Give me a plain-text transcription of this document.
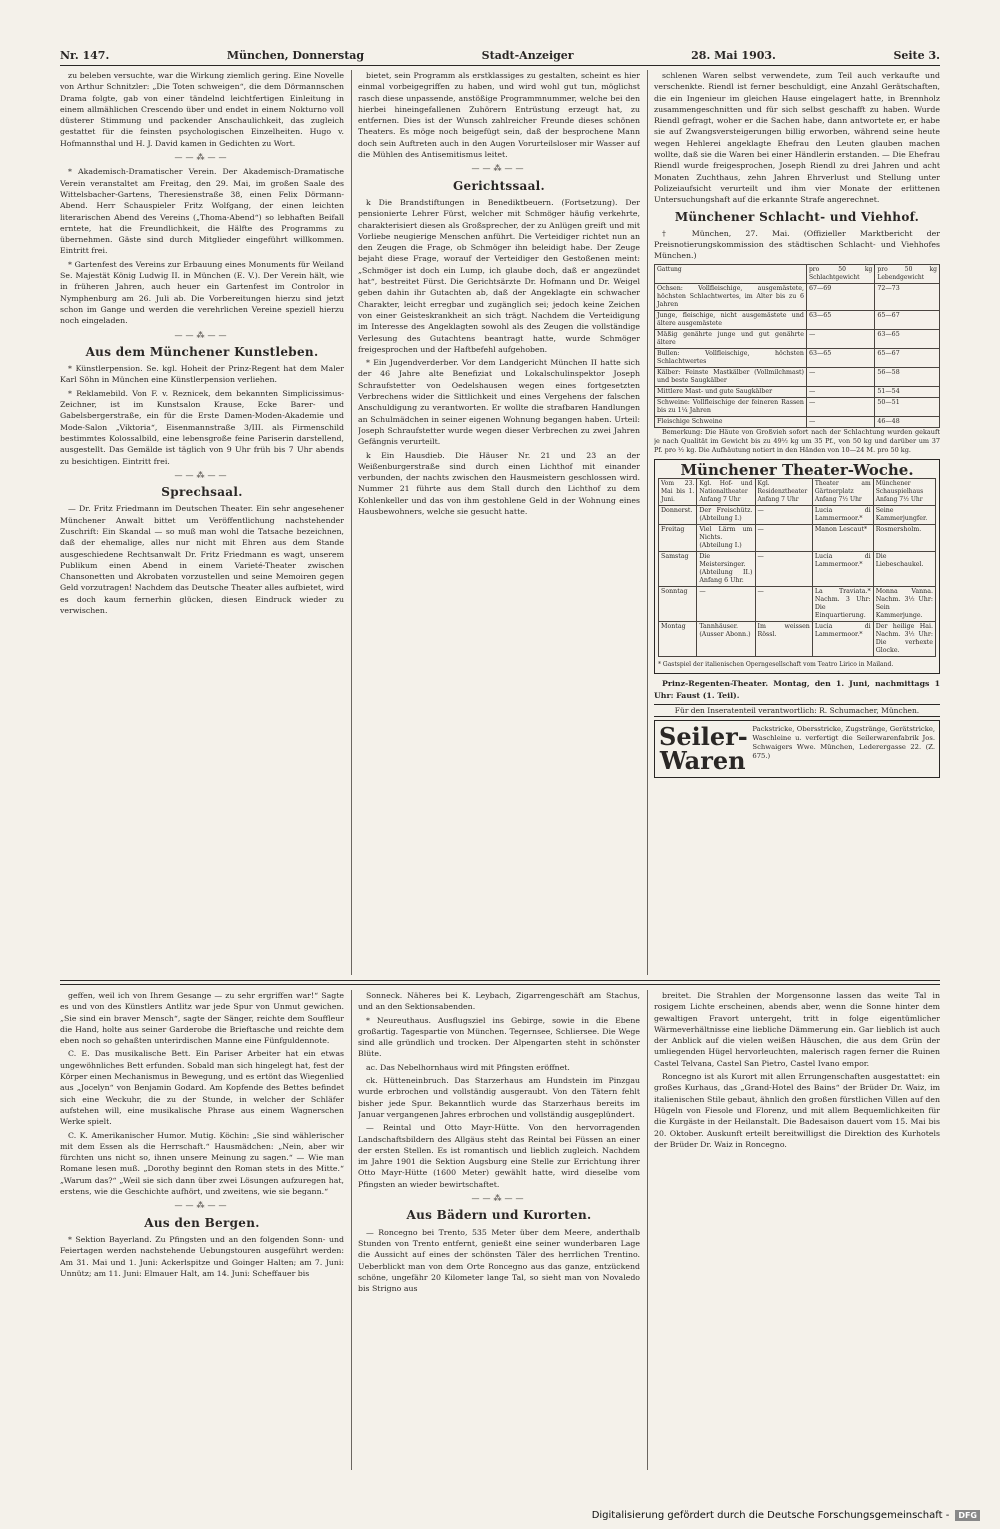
Nr. 147.	München, Donnerstag	Stadt-Anzeiger	28. Mai 1903.	Seite 3.

zu beleben versuchte, war die Wirkung ziemlich gering. Eine Novelle von Arthur Schnitzler: „Die Toten schweigen“, die dem Dörmannschen Drama folgte, gab von einer tändelnd leichtfertigen Einleitung in einem allmählichen Crescendo über und endet in einem Nokturno voll düsterer Stimmung und packender Anschaulichkeit, das zugleich gestattet für die feinsten psychologischen Einzelheiten. Hugo v. Hofmannsthal und H. J. David kamen in Gedichten zu Wort.

——⁂——

* Akademisch-Dramatischer Verein. Der Akademisch-Dramatische Verein veranstaltet am Freitag, den 29. Mai, im großen Saale des Wittelsbacher-Gartens, Theresienstraße 38, einen Felix Dörmann-Abend. Herr Schauspieler Fritz Wolfgang, der einen leichten literarischen Abend des Vereins („Thoma-Abend“) so lebhaften Beifall erntete, hat die Freundlichkeit, die Hälfte des Programms zu übernehmen. Gäste sind durch Mitglieder eingeführt willkommen. Eintritt frei.

* Gartenfest des Vereins zur Erbauung eines Monuments für Weiland Se. Majestät König Ludwig II. in München (E. V.). Der Verein hält, wie in früheren Jahren, auch heuer ein Gartenfest im Controlor in Nymphenburg am 26. Juli ab. Die Vorbereitungen hierzu sind jetzt schon im Gange und werden die verehrlichen Vereine speziell hierzu noch eingeladen.

——⁂——
Aus dem Münchener Kunstleben.

* Künstlerpension. Se. kgl. Hoheit der Prinz-Regent hat dem Maler Karl Söhn in München eine Künstlerpension verliehen.

* Reklamebild. Von F. v. Reznicek, dem bekannten Simplicissimus-Zeichner, ist im Kunstsalon Krause, Ecke Barer- und Gabelsbergerstraße, ein für die Erste Damen-Moden-Akademie und Mode-Salon „Viktoria“, Eisenmannstraße 3/III. als Firmenschild bestimmtes Kolossalbild, eine lebensgroße feine Pariserin darstellend, ausgestellt. Das Gemälde ist täglich von 9 Uhr früh bis 7 Uhr abends zu besichtigen. Eintritt frei.

——⁂——
Sprechsaal.

— Dr. Fritz Friedmann im Deutschen Theater. Ein sehr angesehener Münchener Anwalt bittet um Veröffentlichung nachstehender Zuschrift: Ein Skandal — so muß man wohl die Tatsache bezeichnen, daß der ehemalige, alles nur nicht mit Ehren aus dem Stande ausgeschiedene Rechtsanwalt Dr. Fritz Friedmann es wagt, unserem Publikum einen Abend in einem Varieté-Theater zwischen Chansonetten und Akrobaten vorzustellen und seine Memoiren gegen Geld vorzutragen! Nachdem das Deutsche Theater alles aufbietet, wird es doch kaum fernerhin glücken, diesen Eindruck wieder zu verwischen.

bietet, sein Programm als erstklassiges zu gestalten, scheint es hier einmal vorbeigegriffen zu haben, und wird wohl gut tun, möglichst rasch diese unpassende, anstößige Programmnummer, welche bei den hierbei hineingefallenen Zuhörern Entrüstung erzeugt hat, zu entfernen. Dies ist der Wunsch zahlreicher Freunde dieses schönen Theaters. Es möge noch beigefügt sein, daß der besprochene Mann doch sein Auftreten auch in den Augen Vorurteilsloser mir Wasser auf die Mühlen des Antisemitismus leitet.

——⁂——
Gerichtssaal.

k Die Brandstiftungen in Benediktbeuern. (Fortsetzung). Der pensionierte Lehrer Fürst, welcher mit Schmöger häufig verkehrte, charakterisiert diesen als Großsprecher, der zu Anlügen greift und mit Vorliebe neugierige Menschen anführt. Die Verteidiger richtet nun an den Zeugen die Frage, ob Schmöger ihn beleidigt habe. Der Zeuge bejaht diese Frage, worauf der Verteidiger den Gestoßenen meint: „Schmöger ist doch ein Lump, ich glaube doch, daß er angezündet hat“, bestreitet Fürst. Die Gerichtsärzte Dr. Hofmann und Dr. Weigel geben dahin ihr Gutachten ab, daß der Angeklagte ein schwacher Charakter, leicht erregbar und zugänglich sei; jedoch keine Zeichen von einer Geisteskrankheit an sich trägt. Nachdem die Verteidigung im Interesse des Angeklagten sowohl als des Zeugen die vollständige Verlesung des Gutachtens beantragt hatte, wurde Schmöger freigesprochen und der Haftbefehl aufgehoben.

* Ein Jugendverderber. Vor dem Landgericht München II hatte sich der 46 Jahre alte Benefiziat und Lokalschulinspektor Joseph Schraufstetter von Oedelshausen wegen eines fortgesetzten Verbrechens wider die Sittlichkeit und eines Vergehens der falschen Anschuldigung zu verantworten. Er wollte die strafbaren Handlungen an Schulmädchen in seiner eigenen Wohnung begangen haben. Urteil: Joseph Schraufstetter wurde wegen dieser Verbrechen zu zwei Jahren Gefängnis verurteilt.

k Ein Hausdieb. Die Häuser Nr. 21 und 23 an der Weißenburgerstraße sind durch einen Lichthof mit einander verbunden, der nachts zwischen den Hausmeistern geschlossen wird. Nummer 21 führte aus dem Stall durch den Lichthof zu dem Kohlenkeller und das von ihm gestohlene Geld in der Wohnung eines Hausbewohners, welche sie gesucht hatte.

schlenen Waren selbst verwendete, zum Teil auch verkaufte und verschenkte. Riendl ist ferner beschuldigt, eine Anzahl Gerätschaften, die ein Ingenieur im gleichen Hause eingelagert hatte, in Brennholz zusammengeschnitten und für sich selbst geschafft zu haben. Wurde Riendl gefragt, woher er die Sachen habe, dann antwortete er, er habe sie auf Zwangsversteigerungen billig erworben, während seine heute wegen Hehlerei angeklagte Ehefrau den Leuten glauben machen wollte, daß sie die Waren bei einer Händlerin erstanden. — Die Ehefrau Riendl wurde freigesprochen, Joseph Riendl zu drei Jahren und acht Monaten Zuchthaus, zehn Jahren Ehrverlust und Stellung unter Polizeiaufsicht verurteilt und ihm vier Monate der erlittenen Untersuchungshaft auf die erkannte Strafe angerechnet.

Münchener Schlacht- und Viehhof.

† München, 27. Mai. (Offizieller Marktbericht der Preisnotierungskommission des städtischen Schlacht- und Viehhofes München.)

Gattung	pro 50 kg Schlachtgewicht	pro 50 kg Lebendgewicht
Ochsen: Vollfleischige, ausgemästete, höchsten Schlachtwertes, im Alter bis zu 6 Jahren	67—69	72—73
Junge, fleischige, nicht ausgemästete und ältere ausgemästete	63—65	65—67
Mäßig genährte junge und gut genährte ältere	—	63—65
Bullen: Vollfleischige, höchsten Schlachtwertes	63—65	65—67
Kälber: Feinste Mastkälber (Vollmilchmast) und beste Saugkälber	—	56—58
Mittlere Mast- und gute Saugkälber	—	51—54
Schweine: Vollfleischige der feineren Rassen bis zu 1¼ Jahren	—	50—51
Fleischige Schweine	—	46—48

Bemerkung: Die Häute von Großvieh sofort nach der Schlachtung wurden gekauft je nach Qualität im Gewicht bis zu 49½ kg um 35 Pf., von 50 kg und darüber um 37 Pf. pro ½ kg. Die Aufhäutung notiert in den Händen von 10—24 M. pro 50 kg.

Münchener Theater-Woche.
Vom 23. Mai bis 1. Juni.	Kgl. Hof- und Nationaltheater Anfang 7 Uhr	Kgl. Residenztheater Anfang 7 Uhr	Theater am Gärtnerplatz Anfang 7½ Uhr	Münchener Schauspielhaus Anfang 7½ Uhr
Donnerst.	Der Freischütz. (Abteilung I.)	—	Lucia di Lammermoor.*	Seine Kammerjungfer.
Freitag	Viel Lärm um Nichts. (Abteilung I.)	—	Manon Lescaut*	Rosmersholm.
Samstag	Die Meistersinger. (Abteilung II.) Anfang 6 Uhr.	—	Lucia di Lammermoor.*	Die Liebeschaukel.
Sonntag	—	—	La Traviata.* Nachm. 3 Uhr: Die Einquartierung.	Monna Vanna. Nachm. 3½ Uhr: Sein Kammerjunge.
Montag	Tannhäuser. (Ausser Abonn.)	Im weissen Rössl.	Lucia di Lammermoor.*	Der heilige Hai. Nachm. 3½ Uhr: Die verhexte Glocke.
* Gastspiel der italienischen Operngesellschaft vom Teatro Lirico in Mailand.

Prinz-Regenten-Theater. Montag, den 1. Juni, nachmittags 1 Uhr: Faust (1. Teil).

Für den Inseratenteil verantwortlich: R. Schumacher, München.
Seiler-Waren
Packstricke, Obersstricke, Zugstränge, Gerätstricke, Waschleine u. verfertigt die Seilerwarenfabrik Jos. Schwaigers Wwe. München, Lederergasse 22. (Z. 675.)

geffen, weil ich von Ihrem Gesange — zu sehr ergriffen war!“ Sagte es und von des Künstlers Antlitz war jede Spur von Unmut gewichen. „Sie sind ein braver Mensch“, sagte der Sänger, reichte dem Souffleur die Hand, holte aus seiner Garderobe die Brieftasche und reichte dem eben noch so gehaßten unterirdischen Manne eine Fünfguldennote.

C. E. Das musikalische Bett. Ein Pariser Arbeiter hat ein etwas ungewöhnliches Bett erfunden. Sobald man sich hingelegt hat, fest der Körper einen Mechanismus in Bewegung, und es ertönt das Wiegenlied aus „Jocelyn“ von Benjamin Godard. Am Kopfende des Bettes befindet sich eine Weckuhr, die zu der Stunde, in welcher der Schläfer aufstehen will, eine musikalische Phrase aus einem Wagnerschen Werke spielt.

C. K. Amerikanischer Humor. Mutig. Köchin: „Sie sind wählerischer mit dem Essen als die Herrschaft.“ Hausmädchen: „Nein, aber wir fürchten uns nicht so, ihnen unsere Meinung zu sagen.“ — Wie man Romane lesen muß. „Dorothy beginnt den Roman stets in des Mitte.“ „Warum das?“ „Weil sie sich dann über zwei Lösungen aufzuregen hat, erstens, wie die Geschichte aufhört, und zweitens, wie sie begann.“

——⁂——
Aus den Bergen.

* Sektion Bayerland. Zu Pfingsten und an den folgenden Sonn- und Feiertagen werden nachstehende Uebungstouren ausgeführt werden: Am 31. Mai und 1. Juni: Ackerlspitze und Goinger Halten; am 7. Juni: Unnütz; am 11. Juni: Elmauer Halt, am 14. Juni: Scheffauer bis

Sonneck. Näheres bei K. Leybach, Zigarrengeschäft am Stachus, und an den Sektionsabenden.

* Neureuthaus. Ausflugsziel ins Gebirge, sowie in die Ebene großartig. Tagespartie von München. Tegernsee, Schliersee. Die Wege sind alle gründlich und trocken. Der Alpengarten steht in schönster Blüte.

ac. Das Nebelhornhaus wird mit Pfingsten eröffnet.

ck. Hütteneinbruch. Das Starzerhaus am Hundstein im Pinzgau wurde erbrochen und vollständig ausgeraubt. Von den Tätern fehlt bisher jede Spur. Bekanntlich wurde das Starzerhaus bereits im Januar vergangenen Jahres erbrochen und vollständig ausgeplündert.

— Reintal und Otto Mayr-Hütte. Von den hervorragenden Landschaftsbildern des Allgäus steht das Reintal bei Füssen an einer der ersten Stellen. Es ist romantisch und lieblich zugleich. Nachdem im Jahre 1901 die Sektion Augsburg eine Stelle zur Errichtung ihrer Otto Mayr-Hütte (1600 Meter) gewählt hatte, wird dieselbe vom Pfingsten an wieder bewirtschaftet.

——⁂——
Aus Bädern und Kurorten.

— Roncegno bei Trento, 535 Meter über dem Meere, anderthalb Stunden von Trento entfernt, genießt eine seiner wunderbaren Lage die Aussicht auf eines der schönsten Täler des herrlichen Trentino. Ueberblickt man von dem Orte Roncegno aus das ganze, entzückend schöne, ungefähr 20 Kilometer lange Tal, so sieht man von Novaledo bis Strigno aus

breitet. Die Strahlen der Morgensonne lassen das weite Tal in rosigem Lichte erscheinen, abends aber, wenn die Sonne hinter dem gewaltigen Fravort untergeht, tritt in folge eigentümlicher Wärmeverhältnisse eine liebliche Dämmerung ein. Gar lieblich ist auch der Anblick auf die vielen weißen Häuschen, die aus dem Grün der umliegenden Hügel hervorleuchten, malerisch ragen ferner die Ruinen Castel Telvana, Castel San Pietro, Castel Ivano empor.

Roncegno ist als Kurort mit allen Errungenschaften ausgestattet: ein großes Kurhaus, das „Grand-Hotel des Bains“ der Brüder Dr. Waiz, im italienischen Stile gebaut, ähnlich den großen fürstlichen Villen auf den Hügeln von Fiesole und Florenz, und mit allem Bequemlichkeiten für die Kurgäste in der Heilanstalt. Die Badesaison dauert vom 15. Mai bis 20. Oktober. Auskunft erteilt bereitwilligst die Direktion des Kurhotels der Brüder Dr. Waiz in Roncegno.

Digitalisierung gefördert durch die Deutsche Forschungsgemeinschaft -	DFG
